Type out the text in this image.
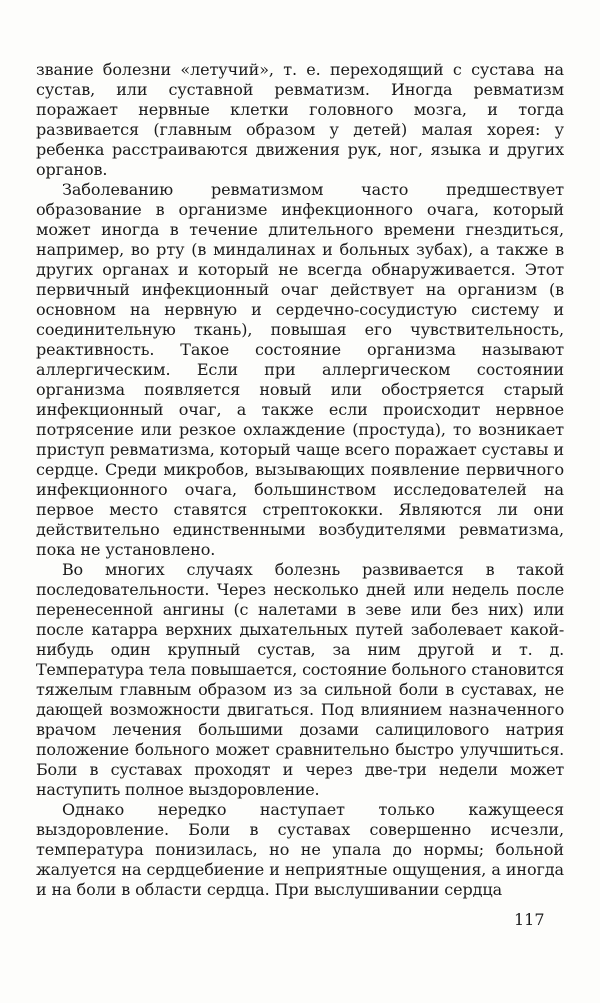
звание болезни «летучий», т. е. переходящий с сустава на сустав, или суставной ревматизм. Иногда ревматизм поражает нервные клетки головного мозга, и тогда развивается (главным образом у детей) малая хорея: у ребенка расстраиваются движения рук, ног, языка и других органов.

Заболеванию ревматизмом часто предшествует образование в организме инфекционного очага, который может иногда в течение длительного времени гнездиться, например, во рту (в миндалинах и больных зубах), а также в других органах и который не всегда обнаруживается. Этот первичный инфекционный очаг действует на организм (в основном на нервную и сердечно-сосудистую систему и соединительную ткань), повышая его чувствительность, реактивность. Такое состояние организма называют аллергическим. Если при аллергическом состоянии организма появляется новый или обостряется старый инфекционный очаг, а также если происходит нервное потрясение или резкое охлаждение (простуда), то возникает приступ ревматизма, который чаще всего поражает суставы и сердце. Среди микробов, вызывающих появление первичного инфекционного очага, большинством исследователей на первое место ставятся стрептококки. Являются ли они действительно единственными возбудителями ревматизма, пока не установлено.

Во многих случаях болезнь развивается в такой последовательности. Через несколько дней или недель после перенесенной ангины (с налетами в зеве или без них) или после катарра верхних дыхательных путей заболевает какой-нибудь один крупный сустав, за ним другой и т. д. Температура тела повышается, состояние больного становится тяжелым главным образом из за сильной боли в суставах, не дающей возможности двигаться. Под влиянием назначенного врачом лечения большими дозами салицилового натрия положение больного может сравнительно быстро улучшиться. Боли в суставах проходят и через две-три недели может наступить полное выздоровление.

Однако нередко наступает только кажущееся выздоровление. Боли в суставах совершенно исчезли, температура понизилась, но не упала до нормы; больной жалуется на сердцебиение и неприятные ощущения, а иногда и на боли в области сердца. При выслушивании сердца

117
